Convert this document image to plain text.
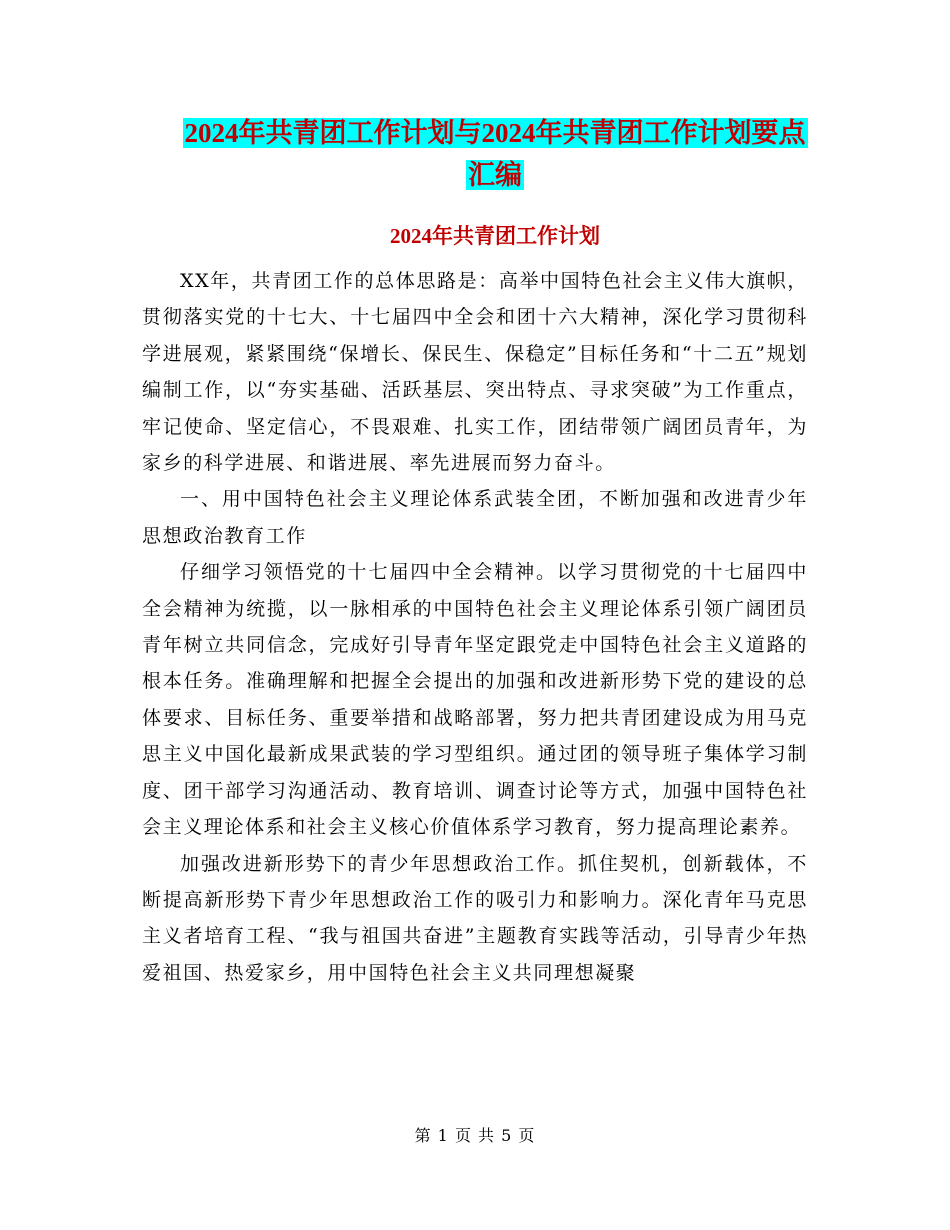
2024年共青团工作计划与2024年共青团工作计划要点
汇编
2024年共青团工作计划

XX年，共青团工作的总体思路是：高举中国特色社会主义伟大旗帜，贯彻落实党的十七大、十七届四中全会和团十六大精神，深化学习贯彻科学进展观，紧紧围绕“保增长、保民生、保稳定”目标任务和“十二五”规划编制工作，以“夯实基础、活跃基层、突出特点、寻求突破”为工作重点，牢记使命、坚定信心，不畏艰难、扎实工作，团结带领广阔团员青年，为家乡的科学进展、和谐进展、率先进展而努力奋斗。

一、用中国特色社会主义理论体系武装全团，不断加强和改进青少年思想政治教育工作

仔细学习领悟党的十七届四中全会精神。以学习贯彻党的十七届四中全会精神为统揽，以一脉相承的中国特色社会主义理论体系引领广阔团员青年树立共同信念，完成好引导青年坚定跟党走中国特色社会主义道路的根本任务。准确理解和把握全会提出的加强和改进新形势下党的建设的总体要求、目标任务、重要举措和战略部署，努力把共青团建设成为用马克思主义中国化最新成果武装的学习型组织。通过团的领导班子集体学习制度、团干部学习沟通活动、教育培训、调查讨论等方式，加强中国特色社会主义理论体系和社会主义核心价值体系学习教育，努力提高理论素养。

加强改进新形势下的青少年思想政治工作。抓住契机，创新载体，不断提高新形势下青少年思想政治工作的吸引力和影响力。深化青年马克思主义者培育工程、“我与祖国共奋进”主题教育实践等活动，引导青少年热爱祖国、热爱家乡，用中国特色社会主义共同理想凝聚

第 1 页 共 5 页
